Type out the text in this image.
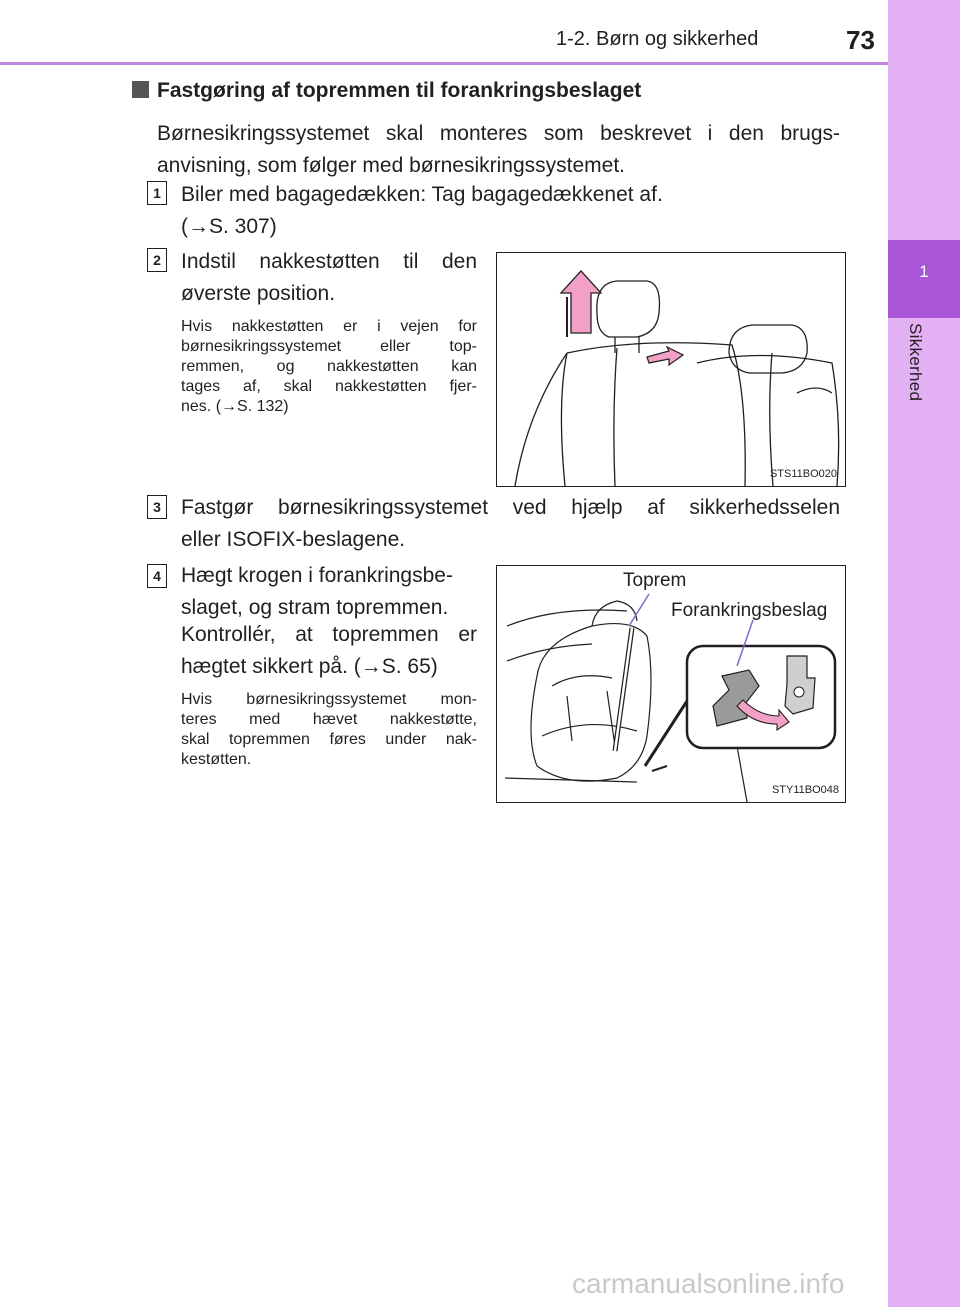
1-2. Børn og sikkerhed	73
1
Sikkerhed
Fastgøring af topremmen til forankringsbeslaget
Børnesikringssystemet skal monteres som beskrevet i den brugs-
anvisning, som følger med børnesikringssystemet.
1 Biler med bagagedækken: Tag bagagedækkenet af.
(→S. 307)
2 Indstil nakkestøtten til den
øverste position.
Hvis nakkestøtten er i vejen for
børnesikringssystemet eller top-
remmen, og nakkestøtten kan
tages af, skal nakkestøtten fjer-
nes. (→S. 132)
STS11BO020
3 Fastgør børnesikringssystemet ved hjælp af sikkerhedsselen
eller ISOFIX-beslagene.
4 Hægt krogen i forankringsbe-
slaget, og stram topremmen.
Kontrollér, at topremmen er
hægtet sikkert på. (→S. 65)
Hvis børnesikringssystemet mon-
teres med hævet nakkestøtte,
skal topremmen føres under nak-
kestøtten.
Toprem
Forankringsbeslag
STY11BO048
carmanualsonline.info
